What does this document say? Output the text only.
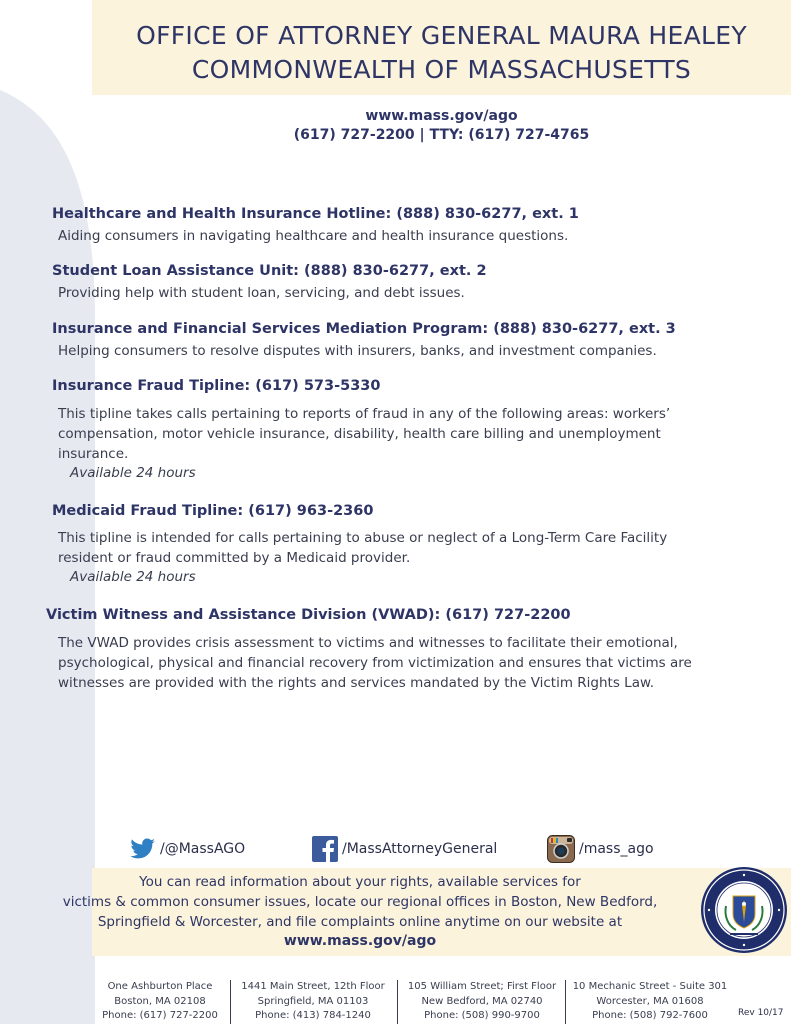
OFFICE OF ATTORNEY GENERAL MAURA HEALEY
COMMONWEALTH OF MASSACHUSETTS
www.mass.gov/ago
(617) 727-2200 | TTY: (617) 727-4765
Healthcare and Health Insurance Hotline: (888) 830-6277, ext. 1
Aiding consumers in navigating healthcare and health insurance questions.
Student Loan Assistance Unit: (888) 830-6277, ext. 2
Providing help with student loan, servicing, and debt issues.
Insurance and Financial Services Mediation Program: (888) 830-6277, ext. 3
Helping consumers to resolve disputes with insurers, banks, and investment companies.
Insurance Fraud Tipline: (617) 573-5330
This tipline takes calls pertaining to reports of fraud in any of the following areas: workers’
compensation, motor vehicle insurance, disability, health care billing and unemployment
insurance.
Available 24 hours
Medicaid Fraud Tipline: (617) 963-2360
This tipline is intended for calls pertaining to abuse or neglect of a Long-Term Care Facility
resident or fraud committed by a Medicaid provider.
Available 24 hours
Victim Witness and Assistance Division (VWAD): (617) 727-2200
The VWAD provides crisis assessment to victims and witnesses to facilitate their emotional,
psychological, physical and financial recovery from victimization and ensures that victims are
witnesses are provided with the rights and services mandated by the Victim Rights Law.
/@MassAGO	/MassAttorneyGeneral	/mass_ago
You can read information about your rights, available services for
victims & common consumer issues, locate our regional offices in Boston, New Bedford,
Springfield & Worcester, and file complaints online anytime on our website at
www.mass.gov/ago
One Ashburton Place
Boston, MA 02108
Phone: (617) 727-2200
1441 Main Street, 12th Floor
Springfield, MA 01103
Phone: (413) 784-1240
105 William Street; First Floor
New Bedford, MA 02740
Phone: (508) 990-9700
10 Mechanic Street - Suite 301
Worcester, MA 01608
Phone: (508) 792-7600	Rev 10/17
